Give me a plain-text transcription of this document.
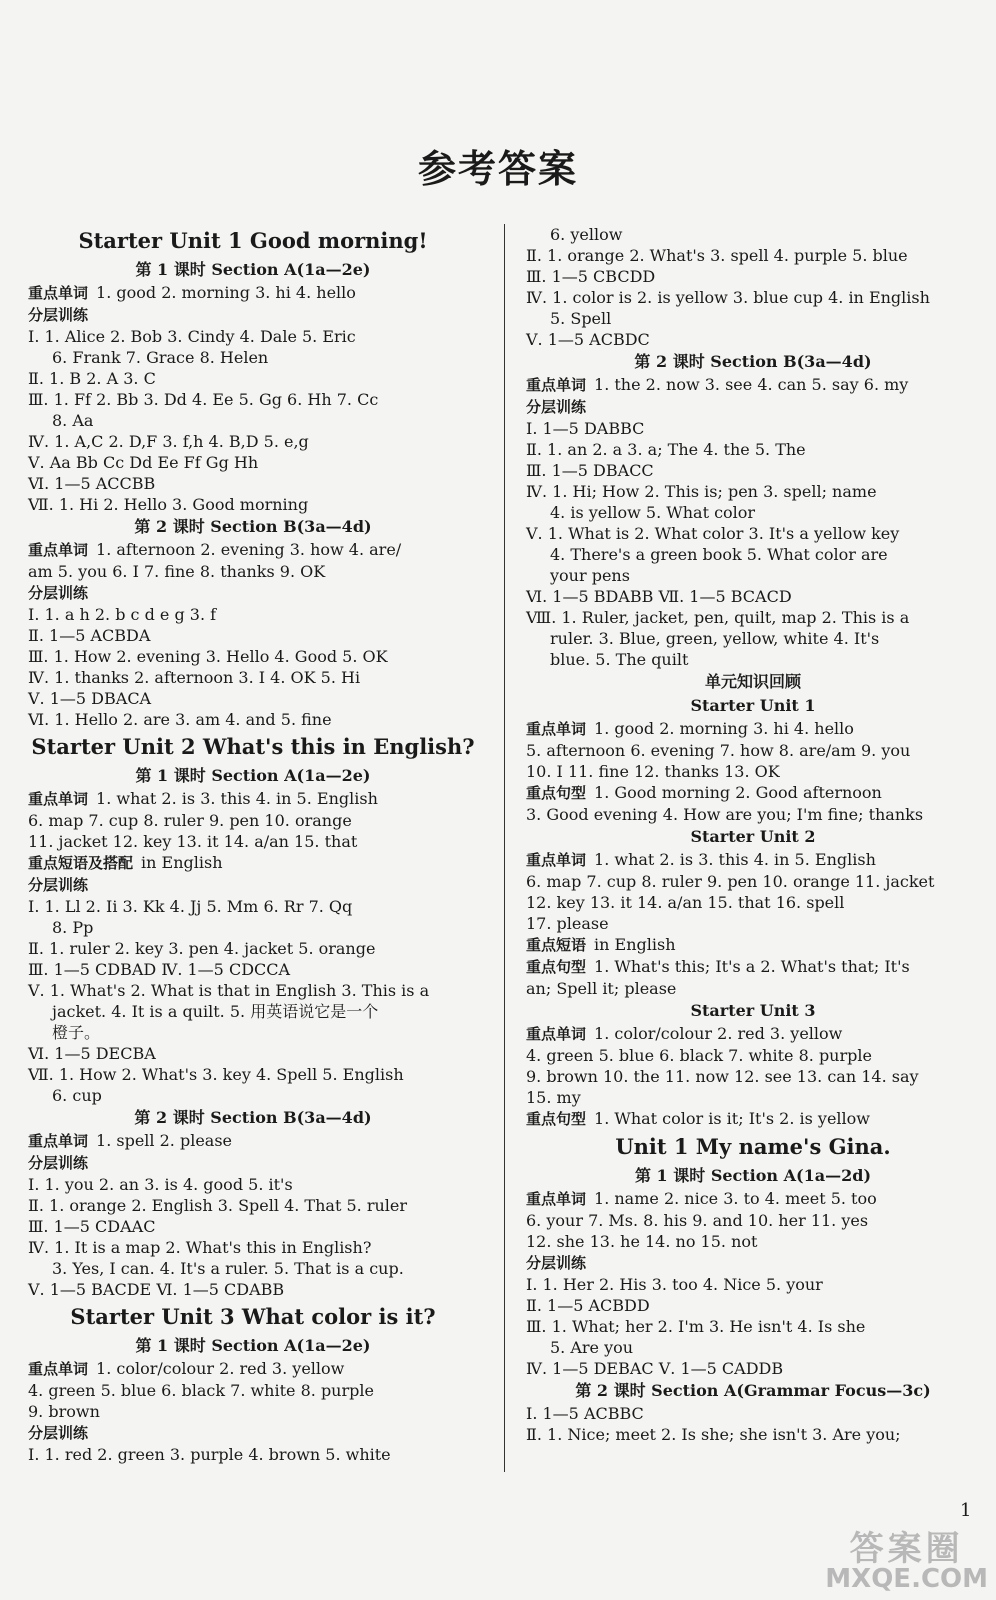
参考答案
Starter Unit 1 Good morning!
第 1 课时 Section A(1a—2e)
重点单词 1. good 2. morning 3. hi 4. hello
分层训练
Ⅰ. 1. Alice 2. Bob 3. Cindy 4. Dale 5. Eric
6. Frank 7. Grace 8. Helen
Ⅱ. 1. B 2. A 3. C
Ⅲ. 1. Ff 2. Bb 3. Dd 4. Ee 5. Gg 6. Hh 7. Cc
8. Aa
Ⅳ. 1. A,C 2. D,F 3. f,h 4. B,D 5. e,g
Ⅴ. Aa Bb Cc Dd Ee Ff Gg Hh
Ⅵ. 1—5 ACCBB
Ⅶ. 1. Hi 2. Hello 3. Good morning
第 2 课时 Section B(3a—4d)
重点单词 1. afternoon 2. evening 3. how 4. are/
am 5. you 6. I 7. fine 8. thanks 9. OK
分层训练
Ⅰ. 1. a h 2. b c d e g 3. f
Ⅱ. 1—5 ACBDA
Ⅲ. 1. How 2. evening 3. Hello 4. Good 5. OK
Ⅳ. 1. thanks 2. afternoon 3. I 4. OK 5. Hi
Ⅴ. 1—5 DBACA
Ⅵ. 1. Hello 2. are 3. am 4. and 5. fine
Starter Unit 2 What's this in English?
第 1 课时 Section A(1a—2e)
重点单词 1. what 2. is 3. this 4. in 5. English
6. map 7. cup 8. ruler 9. pen 10. orange
11. jacket 12. key 13. it 14. a/an 15. that
重点短语及搭配 in English
分层训练
Ⅰ. 1. Ll 2. Ii 3. Kk 4. Jj 5. Mm 6. Rr 7. Qq
8. Pp
Ⅱ. 1. ruler 2. key 3. pen 4. jacket 5. orange
Ⅲ. 1—5 CDBAD Ⅳ. 1—5 CDCCA
Ⅴ. 1. What's 2. What is that in English 3. This is a
jacket. 4. It is a quilt. 5. 用英语说它是一个
橙子。
Ⅵ. 1—5 DECBA
Ⅶ. 1. How 2. What's 3. key 4. Spell 5. English
6. cup
第 2 课时 Section B(3a—4d)
重点单词 1. spell 2. please
分层训练
Ⅰ. 1. you 2. an 3. is 4. good 5. it's
Ⅱ. 1. orange 2. English 3. Spell 4. That 5. ruler
Ⅲ. 1—5 CDAAC
Ⅳ. 1. It is a map 2. What's this in English?
3. Yes, I can. 4. It's a ruler. 5. That is a cup.
Ⅴ. 1—5 BACDE Ⅵ. 1—5 CDABB
Starter Unit 3 What color is it?
第 1 课时 Section A(1a—2e)
重点单词 1. color/colour 2. red 3. yellow
4. green 5. blue 6. black 7. white 8. purple
9. brown
分层训练
Ⅰ. 1. red 2. green 3. purple 4. brown 5. white
6. yellow
Ⅱ. 1. orange 2. What's 3. spell 4. purple 5. blue
Ⅲ. 1—5 CBCDD
Ⅳ. 1. color is 2. is yellow 3. blue cup 4. in English
5. Spell
Ⅴ. 1—5 ACBDC
第 2 课时 Section B(3a—4d)
重点单词 1. the 2. now 3. see 4. can 5. say 6. my
分层训练
Ⅰ. 1—5 DABBC
Ⅱ. 1. an 2. a 3. a; The 4. the 5. The
Ⅲ. 1—5 DBACC
Ⅳ. 1. Hi; How 2. This is; pen 3. spell; name
4. is yellow 5. What color
Ⅴ. 1. What is 2. What color 3. It's a yellow key
4. There's a green book 5. What color are
your pens
Ⅵ. 1—5 BDABB Ⅶ. 1—5 BCACD
Ⅷ. 1. Ruler, jacket, pen, quilt, map 2. This is a
ruler. 3. Blue, green, yellow, white 4. It's
blue. 5. The quilt
单元知识回顾
Starter Unit 1
重点单词 1. good 2. morning 3. hi 4. hello
5. afternoon 6. evening 7. how 8. are/am 9. you
10. I 11. fine 12. thanks 13. OK
重点句型 1. Good morning 2. Good afternoon
3. Good evening 4. How are you; I'm fine; thanks
Starter Unit 2
重点单词 1. what 2. is 3. this 4. in 5. English
6. map 7. cup 8. ruler 9. pen 10. orange 11. jacket
12. key 13. it 14. a/an 15. that 16. spell
17. please
重点短语 in English
重点句型 1. What's this; It's a 2. What's that; It's
an; Spell it; please
Starter Unit 3
重点单词 1. color/colour 2. red 3. yellow
4. green 5. blue 6. black 7. white 8. purple
9. brown 10. the 11. now 12. see 13. can 14. say
15. my
重点句型 1. What color is it; It's 2. is yellow
Unit 1 My name's Gina.
第 1 课时 Section A(1a—2d)
重点单词 1. name 2. nice 3. to 4. meet 5. too
6. your 7. Ms. 8. his 9. and 10. her 11. yes
12. she 13. he 14. no 15. not
分层训练
Ⅰ. 1. Her 2. His 3. too 4. Nice 5. your
Ⅱ. 1—5 ACBDD
Ⅲ. 1. What; her 2. I'm 3. He isn't 4. Is she
5. Are you
Ⅳ. 1—5 DEBAC Ⅴ. 1—5 CADDB
第 2 课时 Section A(Grammar Focus—3c)
Ⅰ. 1—5 ACBBC
Ⅱ. 1. Nice; meet 2. Is she; she isn't 3. Are you;
1
答案圈
MXQE.COM
